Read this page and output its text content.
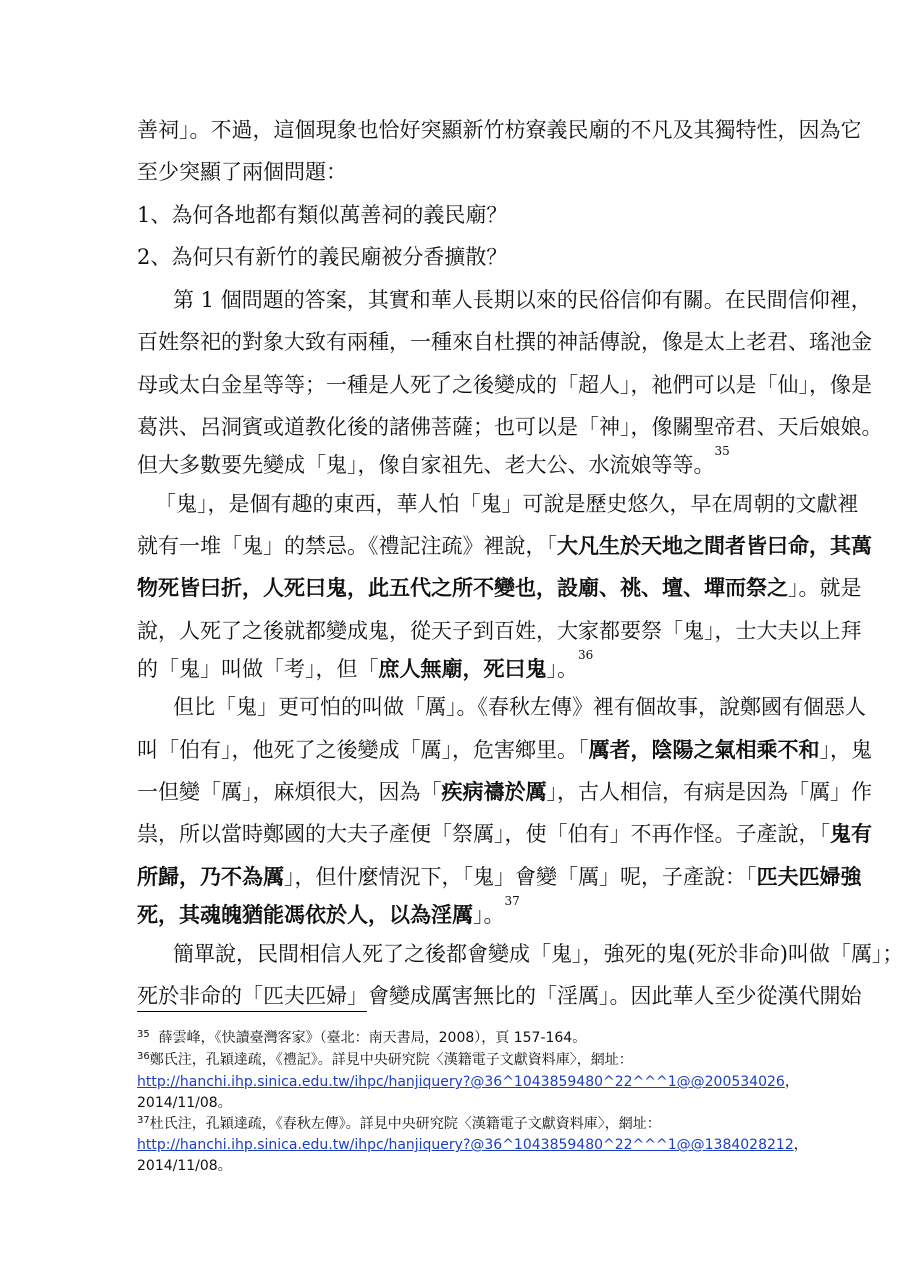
善祠」。不過，這個現象也恰好突顯新竹枋寮義民廟的不凡及其獨特性，因為它
至少突顯了兩個問題：
1、為何各地都有類似萬善祠的義民廟？
2、為何只有新竹的義民廟被分香擴散？
第 1 個問題的答案，其實和華人長期以來的民俗信仰有關。在民間信仰裡，
百姓祭祀的對象大致有兩種，一種來自杜撰的神話傳說，像是太上老君、瑤池金
母或太白金星等等；一種是人死了之後變成的「超人」，祂們可以是「仙」，像是
葛洪、呂洞賓或道教化後的諸佛菩薩；也可以是「神」，像關聖帝君、天后娘娘。
但大多數要先變成「鬼」，像自家祖先、老大公、水流娘等等。$^{35}$
「鬼」，是個有趣的東西，華人怕「鬼」可說是歷史悠久，早在周朝的文獻裡
就有一堆「鬼」的禁忌。《禮記注疏》裡說，「大凡生於天地之間者皆曰命，其萬
物死皆曰折，人死曰鬼，此五代之所不變也，設廟、祧、壇、墠而祭之」。就是
說，人死了之後就都變成鬼，從天子到百姓，大家都要祭「鬼」，士大夫以上拜
的「鬼」叫做「考」，但「庶人無廟，死曰鬼」。$^{36}$
但比「鬼」更可怕的叫做「厲」。《春秋左傳》裡有個故事，說鄭國有個惡人
叫「伯有」，他死了之後變成「厲」，危害鄉里。「厲者，陰陽之氣相乘不和」，鬼
一但變「厲」，麻煩很大，因為「疾病禱於厲」，古人相信，有病是因為「厲」作
祟，所以當時鄭國的大夫子產便「祭厲」，使「伯有」不再作怪。子產說，「鬼有
所歸，乃不為厲」，但什麼情況下，「鬼」會變「厲」呢，子產說：「匹夫匹婦強
死，其魂魄猶能馮依於人，以為淫厲」。$^{37}$
簡單說，民間相信人死了之後都會變成「鬼」，強死的鬼(死於非命)叫做「厲」；
死於非命的「匹夫匹婦」會變成厲害無比的「淫厲」。因此華人至少從漢代開始
$^{35}$ 薛雲峰，《快讀臺灣客家》（臺北：南天書局，2008），頁 157-164。
$^{36}$鄭氏注，孔穎達疏，《禮記》。詳見中央研究院〈漢籍電子文獻資料庫〉，網址：
http://hanchi.ihp.sinica.edu.tw/ihpc/hanjiquery?@36^1043859480^22^^^1@@200534026，
2014/11/08。
$^{37}$杜氏注，孔穎達疏，《春秋左傳》。詳見中央研究院〈漢籍電子文獻資料庫〉，網址：
http://hanchi.ihp.sinica.edu.tw/ihpc/hanjiquery?@36^1043859480^22^^^1@@1384028212，
2014/11/08。
